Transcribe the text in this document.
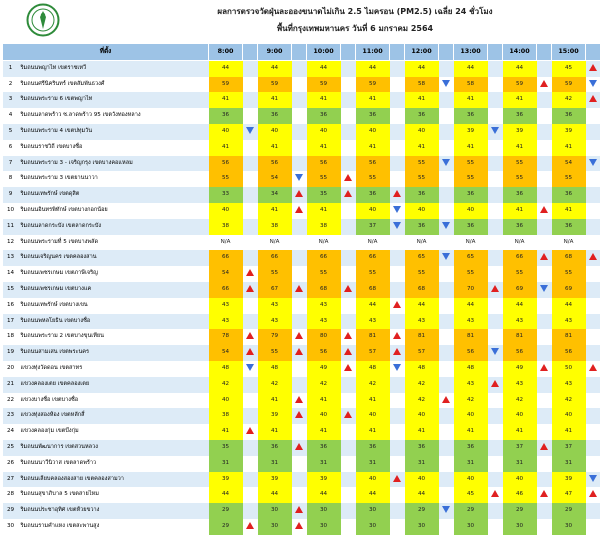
ผลการตรวจวัดฝุ่นละอองขนาดไม่เกิน 2.5 ไมครอน (PM2.5) เฉลี่ย 24 ชั่วโมง
พื้นที่กรุงเทพมหานคร วันที่ 6 มกราคม 2564
ที่ตั้ง		8:00		9:00		10:00		11:00		12:00		13:00		14:00		15:00	
1	ริมถนนพญาไท เขตราชเทวี	44		44		44		44		44		44		44		45	
2	ริมถนนศรีนิครินทร์ เขตสัมพันธวงศ์	59		59		59		59		58		58		59		59	
3	ริมถนนพระราม 6 เขตพญาไท	41		41		41		41		41		41		41		42	
4	ริมถนนลาดพร้าว ซ.ลาดพร้าว 95 เขตวังทองหลาง	36		36		36		36		36		36		36		36	
5	ริมถนนพระราม 4 เขตปทุมวัน	40		40		40		40		40		39		39		39	
6	ริมถนนราชวิถี เขตบางซื่อ	41		41		41		41		41		41		41		41	
7	ริมถนนพระราม 3 - เจริญกรุง เขตบางคอแหลม	56		56		56		56		55		55		55		54	
8	ริมถนนพระราม 3 เขตยานนาวา	55		54		55		55		55		55		55		55	
9	ริมถนนเทพรักษ์ เขตดุสิต	33		34		35		36		36		36		36		36	
10	ริมถนนอินทรพิทักษ์ เขตบางกอกน้อย	40		41		41		40		40		40		41		41	
11	ริมถนนลาดกระบัง เขตลาดกระบัง	38		38		38		37		36		36		36		36	
12	ริมถนนพระรามที่ 5 เขตบางพลัด	N/A		N/A		N/A		N/A		N/A		N/A		N/A		N/A	
13	ริมถนนเจริญนคร เขตคลองสาน	66		66		66		66		65		65		66		68	
14	ริมถนนเพชรเกษม เขตภาษีเจริญ	54		55		55		55		55		55		55		55	
15	ริมถนนเพชรเกษม เขตบางแค	66		67		68		68		68		70		69		69	
16	ริมถนนเทพรักษ์ เขตบางเขน	43		43		43		44		44		44		44		44	
17	ริมถนนพหลโยธิน เขตบางซื่อ	43		43		43		43		43		43		43		43	
18	ริมถนนพระราม 2 เขตบางขุนเทียน	78		79		80		81		81		81		81		81	
19	ริมถนนสามเสน เขตพระนคร	54		55		56		57		57		56		56		56	
20	แขวงทุ่งวัดดอน เขตสาทร	48		48		49		48		48		48		49		50	
21	แขวงคลองเตย เขตคลองเตย	42		42		42		42		42		43		43		43	
22	แขวงบางซื่อ เขตบางซื่อ	40		41		41		41		42		42		42		42	
23	แขวงทุ่งสองห้อง เขตหลักสี่	38		39		40		40		40		40		40		40	
24	แขวงคลองกุ่ม เขตบึงกุ่ม	41		41		41		41		41		41		41		41	
25	ริมถนนพัฒนาการ เขตสวนหลวง	35		36		36		36		36		36		37		37	
26	ริมถนนนาวีนิวาส เขตลาดพร้าว	31		31		31		31		31		31		31		31	
27	ริมถนนเลียบคลองสองสาย เขตคลองสามวา	39		39		39		40		40		40		40		39	
28	ริมถนนสุขาภิบาล 5 เขตสายไหม	44		44		44		44		44		45		46		47	
29	ริมถนนประชาอุทิศ เขตห้วยขวาง	29		30		30		30		29		29		29		29	
30	ริมถนนรามคำแหง เขตสะพานสูง	29		30		30		30		30		30		30		30	
